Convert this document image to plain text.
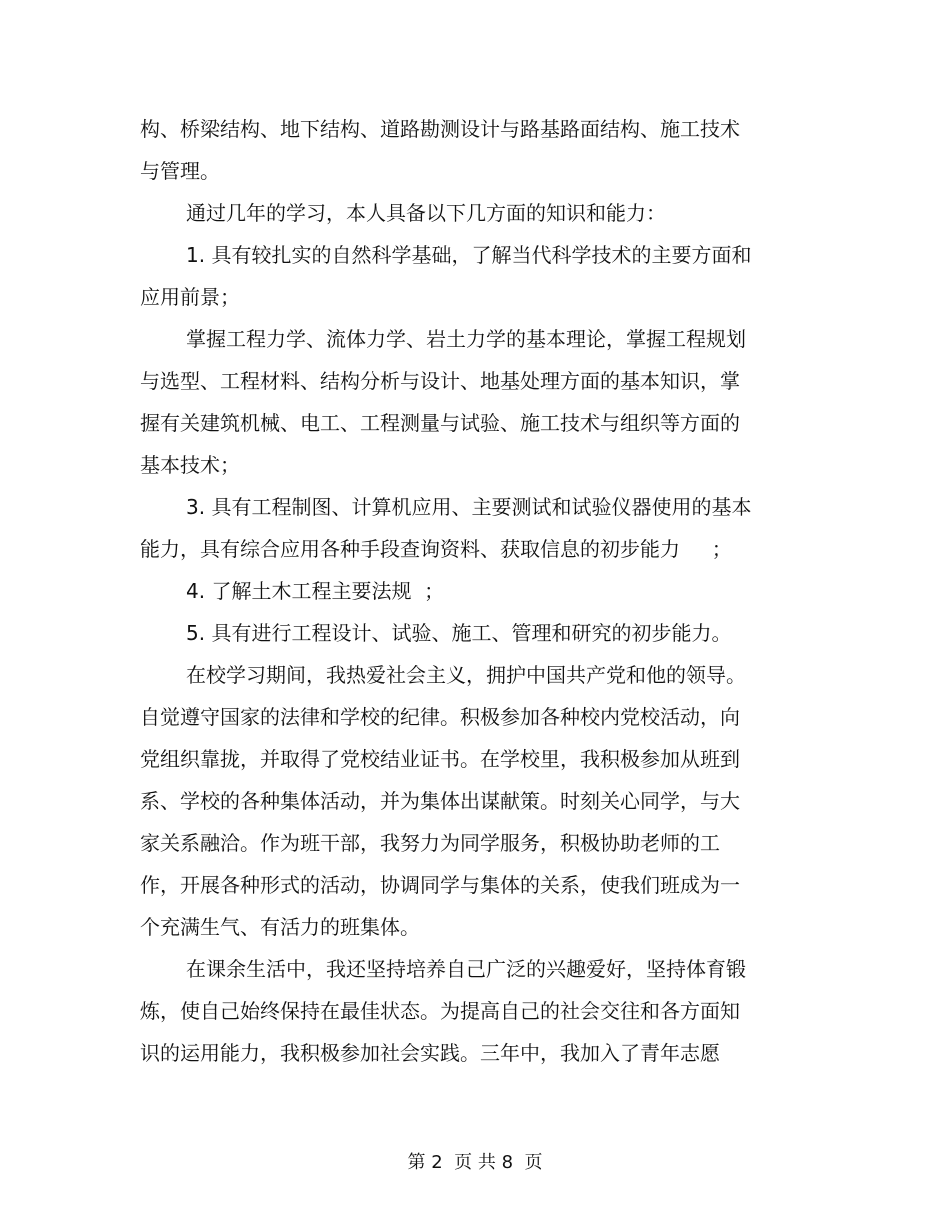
构、桥梁结构、地下结构、道路勘测设计与路基路面结构、施工技术
与管理。
通过几年的学习，本人具备以下几方面的知识和能力：
1. 具有较扎实的自然科学基础，了解当代科学技术的主要方面和
应用前景；
掌握工程力学、流体力学、岩土力学的基本理论，掌握工程规划
与选型、工程材料、结构分析与设计、地基处理方面的基本知识，掌
握有关建筑机械、电工、工程测量与试验、施工技术与组织等方面的
基本技术；
3. 具有工程制图、计算机应用、主要测试和试验仪器使用的基本
能力，具有综合应用各种手段查询资料、获取信息的初步能力     ；
4. 了解土木工程主要法规  ；
5. 具有进行工程设计、试验、施工、管理和研究的初步能力。
在校学习期间，我热爱社会主义，拥护中国共产党和他的领导。
自觉遵守国家的法律和学校的纪律。积极参加各种校内党校活动，向
党组织靠拢，并取得了党校结业证书。在学校里，我积极参加从班到
系、学校的各种集体活动，并为集体出谋献策。时刻关心同学，与大
家关系融洽。作为班干部，我努力为同学服务，积极协助老师的工
作，开展各种形式的活动，协调同学与集体的关系，使我们班成为一
个充满生气、有活力的班集体。
在课余生活中，我还坚持培养自己广泛的兴趣爱好，坚持体育锻
炼，使自己始终保持在最佳状态。为提高自己的社会交往和各方面知
识的运用能力，我积极参加社会实践。三年中，我加入了青年志愿
第 2  页 共 8  页
